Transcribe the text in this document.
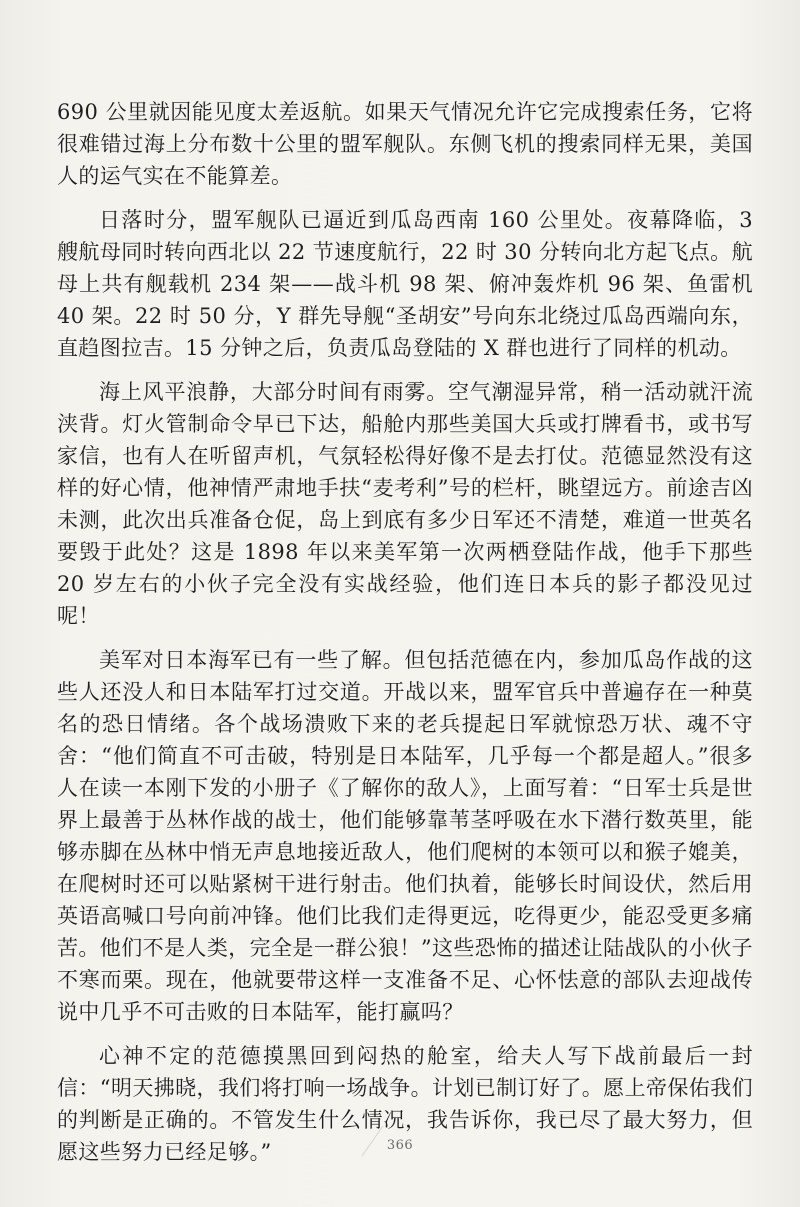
690 公里就因能见度太差返航。如果天气情况允许它完成搜索任务，它将很难错过海上分布数十公里的盟军舰队。东侧飞机的搜索同样无果，美国人的运气实在不能算差。

日落时分，盟军舰队已逼近到瓜岛西南 160 公里处。夜幕降临，3 艘航母同时转向西北以 22 节速度航行，22 时 30 分转向北方起飞点。航母上共有舰载机 234 架——战斗机 98 架、俯冲轰炸机 96 架、鱼雷机 40 架。22 时 50 分，Y 群先导舰“圣胡安”号向东北绕过瓜岛西端向东，直趋图拉吉。15 分钟之后，负责瓜岛登陆的 X 群也进行了同样的机动。

海上风平浪静，大部分时间有雨雾。空气潮湿异常，稍一活动就汗流浃背。灯火管制命令早已下达，船舱内那些美国大兵或打牌看书，或书写家信，也有人在听留声机，气氛轻松得好像不是去打仗。范德显然没有这样的好心情，他神情严肃地手扶“麦考利”号的栏杆，眺望远方。前途吉凶未测，此次出兵准备仓促，岛上到底有多少日军还不清楚，难道一世英名要毁于此处？这是 1898 年以来美军第一次两栖登陆作战，他手下那些 20 岁左右的小伙子完全没有实战经验，他们连日本兵的影子都没见过呢！

美军对日本海军已有一些了解。但包括范德在内，参加瓜岛作战的这些人还没人和日本陆军打过交道。开战以来，盟军官兵中普遍存在一种莫名的恐日情绪。各个战场溃败下来的老兵提起日军就惊恐万状、魂不守舍：“他们简直不可击破，特别是日本陆军，几乎每一个都是超人。”很多人在读一本刚下发的小册子《了解你的敌人》，上面写着：“日军士兵是世界上最善于丛林作战的战士，他们能够靠苇茎呼吸在水下潜行数英里，能够赤脚在丛林中悄无声息地接近敌人，他们爬树的本领可以和猴子媲美，在爬树时还可以贴紧树干进行射击。他们执着，能够长时间设伏，然后用英语高喊口号向前冲锋。他们比我们走得更远，吃得更少，能忍受更多痛苦。他们不是人类，完全是一群公狼！”这些恐怖的描述让陆战队的小伙子不寒而栗。现在，他就要带这样一支准备不足、心怀怯意的部队去迎战传说中几乎不可击败的日本陆军，能打赢吗？

心神不定的范德摸黑回到闷热的舱室，给夫人写下战前最后一封信：“明天拂晓，我们将打响一场战争。计划已制订好了。愿上帝保佑我们的判断是正确的。不管发生什么情况，我告诉你，我已尽了最大努力，但愿这些努力已经足够。”	366
